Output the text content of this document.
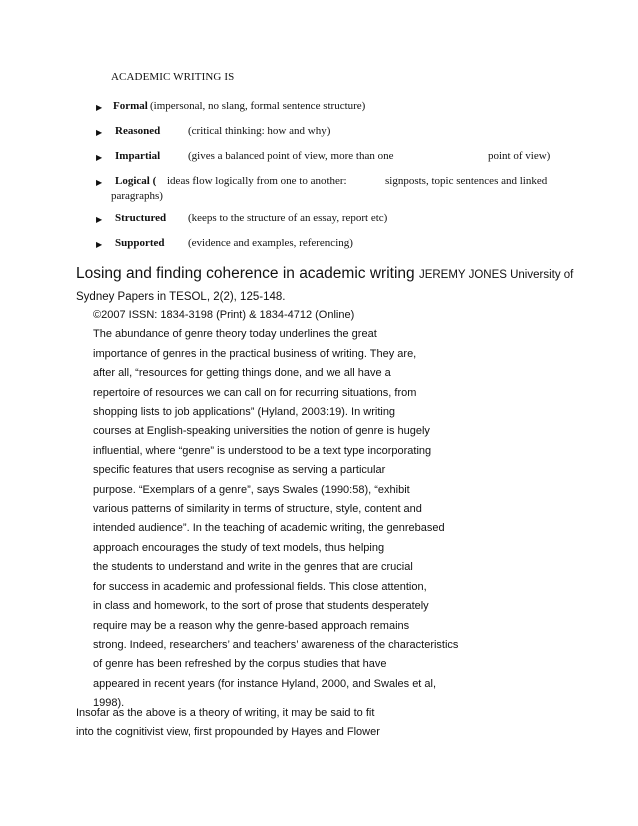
ACADEMIC WRITING IS
▶ Formal (impersonal, no slang, formal sentence structure)
▶ Reasoned	(critical thinking: how and why)
▶ Impartial	(gives a balanced point of view, more than one	point of view)
▶ Logical ( ideas flow logically from one to another:	signposts, topic sentences and linked
paragraphs)
▶ Structured (keeps to the structure of an essay, report etc)
▶ Supported (evidence and examples, referencing)
Losing and finding coherence in academic writing JEREMY JONES University of
Sydney Papers in TESOL, 2(2), 125-148.
©2007 ISSN: 1834-3198 (Print) & 1834-4712 (Online)
The abundance of genre theory today underlines the great
importance of genres in the practical business of writing. They are,
after all, “resources for getting things done, and we all have a
repertoire of resources we can call on for recurring situations, from
shopping lists to job applications” (Hyland, 2003:19). In writing
courses at English-speaking universities the notion of genre is hugely
influential, where “genre” is understood to be a text type incorporating
specific features that users recognise as serving a particular
purpose. “Exemplars of a genre”, says Swales (1990:58), “exhibit
various patterns of similarity in terms of structure, style, content and
intended audience”. In the teaching of academic writing, the genrebased
approach encourages the study of text models, thus helping
the students to understand and write in the genres that are crucial
for success in academic and professional fields. This close attention,
in class and homework, to the sort of prose that students desperately
require may be a reason why the genre-based approach remains
strong. Indeed, researchers’ and teachers’ awareness of the characteristics
of genre has been refreshed by the corpus studies that have
appeared in recent years (for instance Hyland, 2000, and Swales et al,
1998).
Insofar as the above is a theory of writing, it may be said to fit
into the cognitivist view, first propounded by Hayes and Flower
